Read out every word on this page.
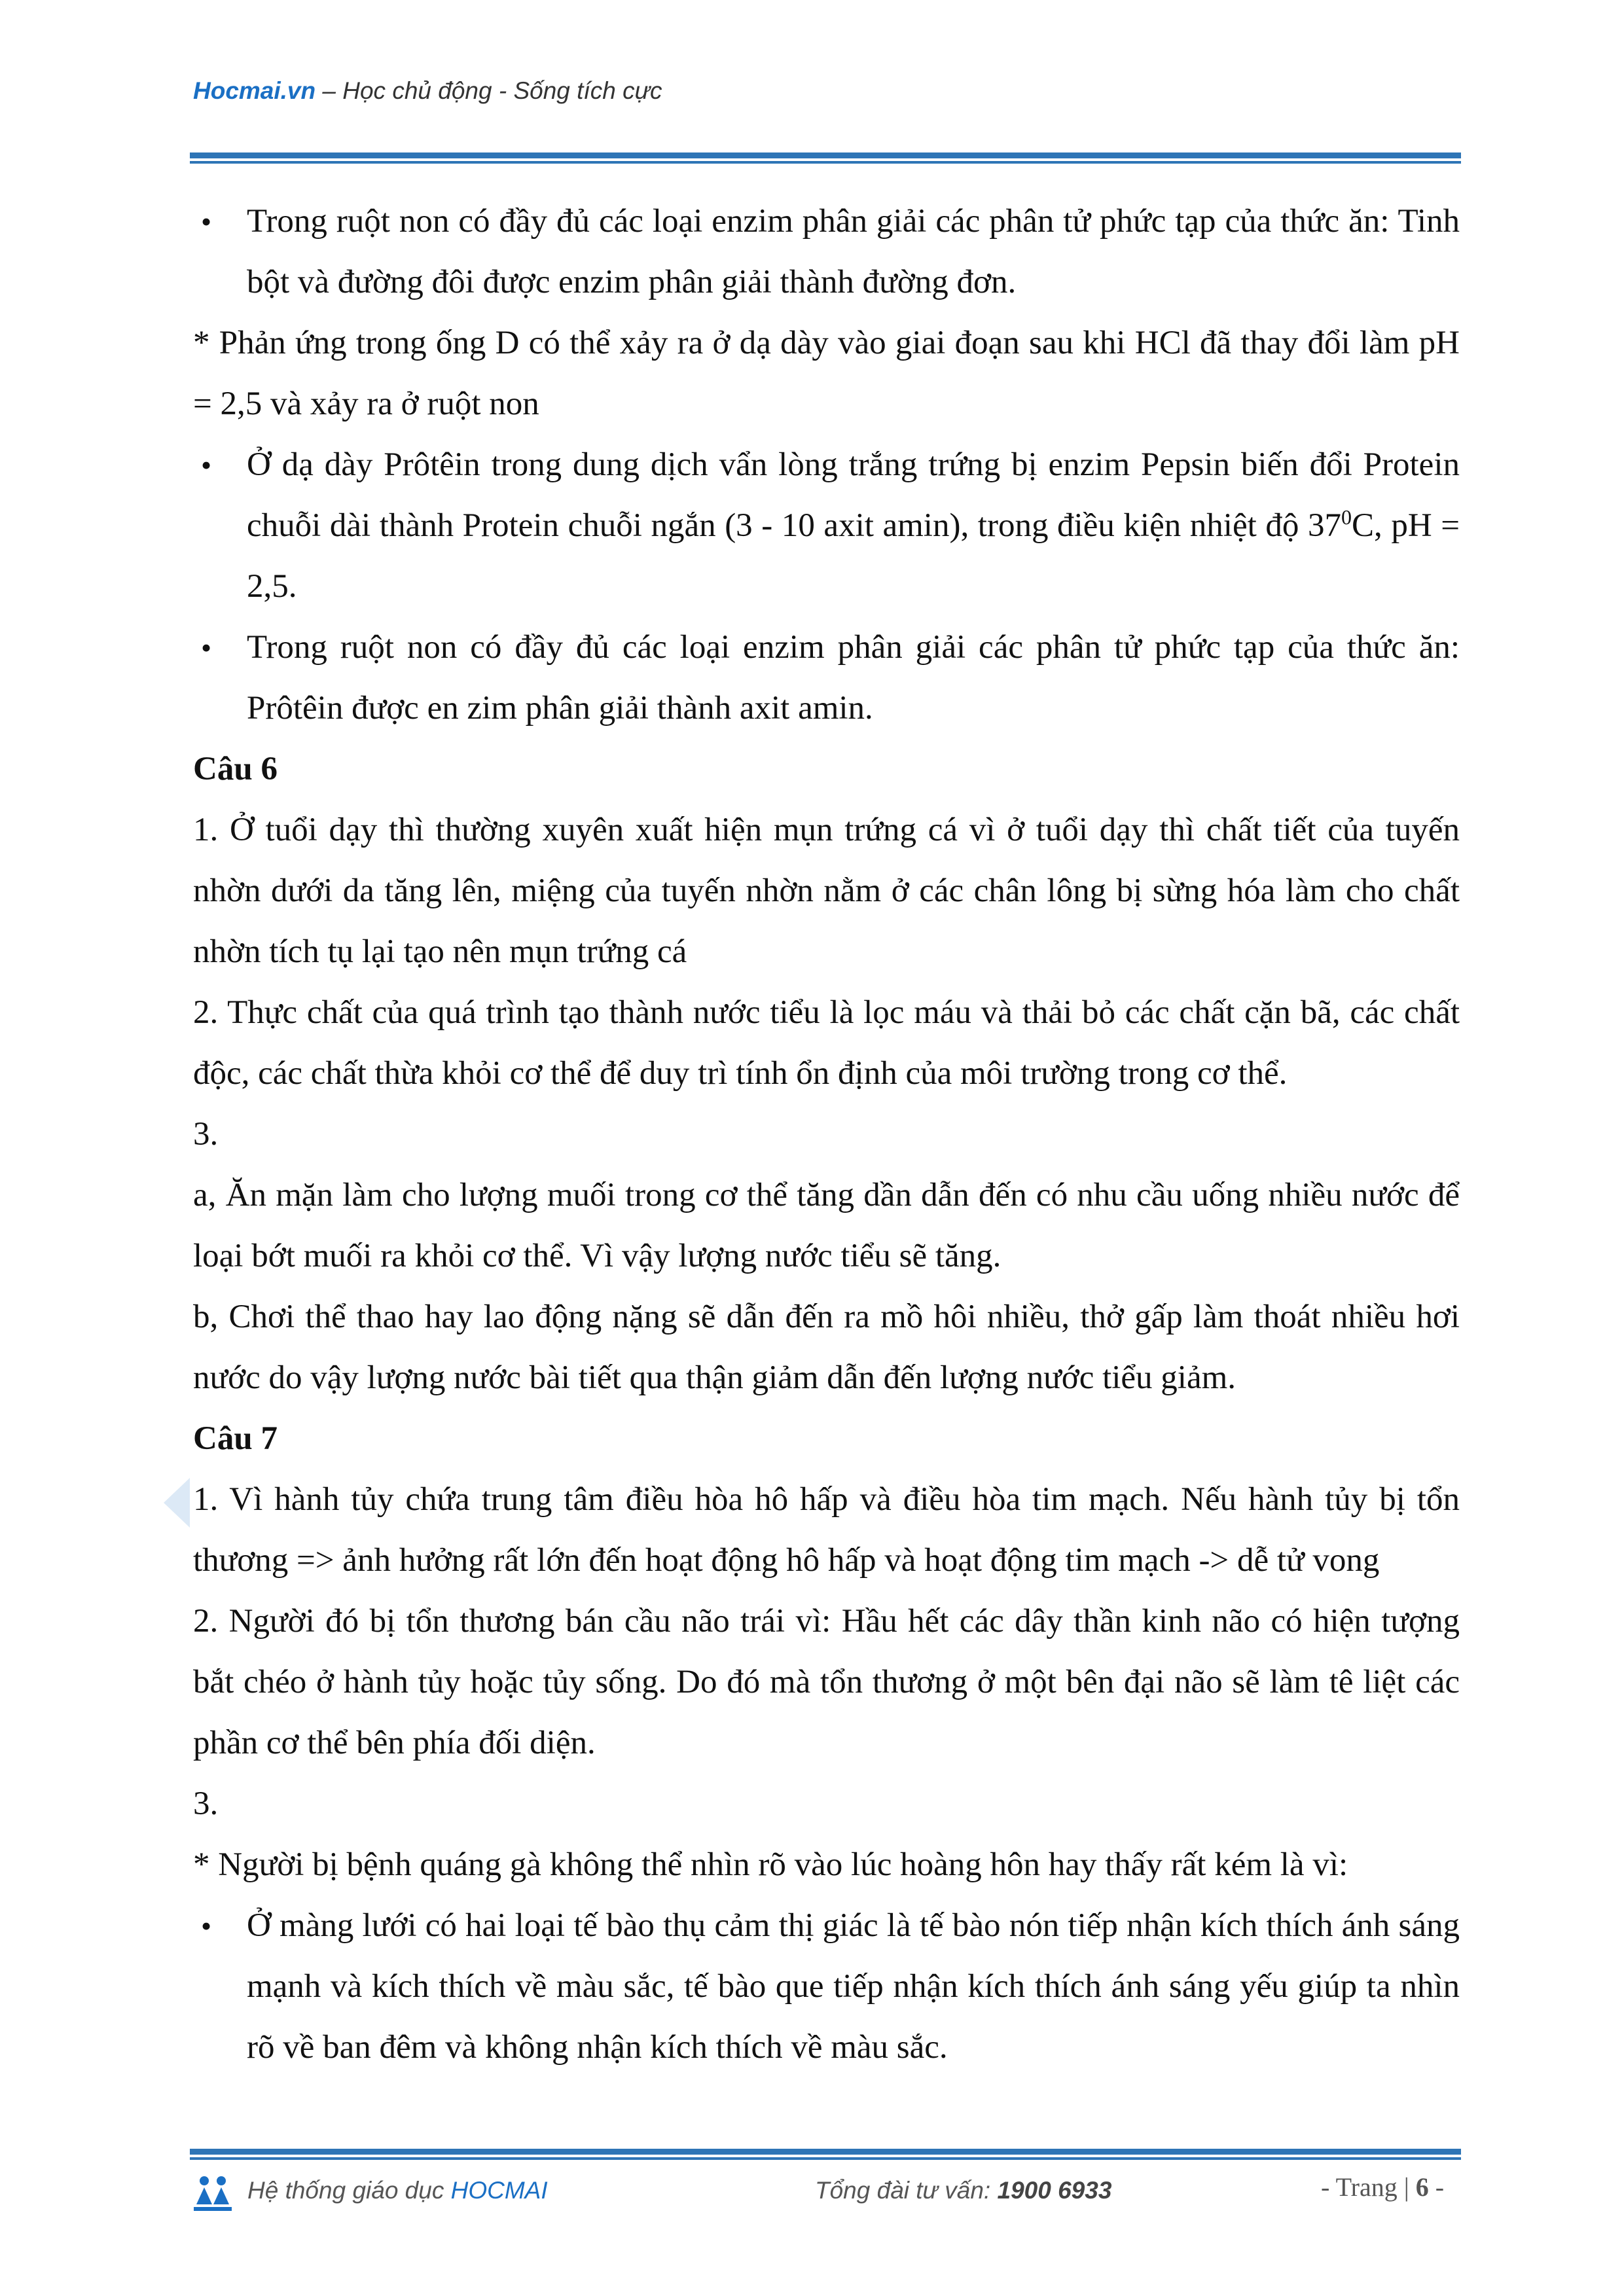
Hocmai.vn – Học chủ động - Sống tích cực

• Trong ruột non có đầy đủ các loại enzim phân giải các phân tử phức tạp của thức ăn: Tinh bột và đường đôi được enzim phân giải thành đường đơn.

* Phản ứng trong ống D có thể xảy ra ở dạ dày vào giai đoạn sau khi HCl đã thay đổi làm pH = 2,5 và xảy ra ở ruột non

• Ở dạ dày Prôtêin trong dung dịch vẩn lòng trắng trứng bị enzim Pepsin biến đổi Protein chuỗi dài thành Protein chuỗi ngắn (3 - 10 axit amin), trong điều kiện nhiệt độ $37^0C$, pH = 2,5.

• Trong ruột non có đầy đủ các loại enzim phân giải các phân tử phức tạp của thức ăn: Prôtêin được en zim phân giải thành axit amin.

Câu 6

1. Ở tuổi dạy thì thường xuyên xuất hiện mụn trứng cá vì ở tuổi dạy thì chất tiết của tuyến nhờn dưới da tăng lên, miệng của tuyến nhờn nằm ở các chân lông bị sừng hóa làm cho chất nhờn tích tụ lại tạo nên mụn trứng cá

2. Thực chất của quá trình tạo thành nước tiểu là lọc máu và thải bỏ các chất cặn bã, các chất độc, các chất thừa khỏi cơ thể để duy trì tính ổn định của môi trường trong cơ thể.

3.

a, Ăn mặn làm cho lượng muối trong cơ thể tăng dần dẫn đến có nhu cầu uống nhiều nước để loại bớt muối ra khỏi cơ thể. Vì vậy lượng nước tiểu sẽ tăng.

b, Chơi thể thao hay lao động nặng sẽ dẫn đến ra mồ hôi nhiều, thở gấp làm thoát nhiều hơi nước do vậy lượng nước bài tiết qua thận giảm dẫn đến lượng nước tiểu giảm.

Câu 7

1. Vì hành tủy chứa trung tâm điều hòa hô hấp và điều hòa tim mạch. Nếu hành tủy bị tổn thương => ảnh hưởng rất lớn đến hoạt động hô hấp và hoạt động tim mạch -> dễ tử vong

2. Người đó bị tổn thương bán cầu não trái vì: Hầu hết các dây thần kinh não có hiện tượng bắt chéo ở hành tủy hoặc tủy sống. Do đó mà tổn thương ở một bên đại não sẽ làm tê liệt các phần cơ thể bên phía đối diện.

3.

* Người bị bệnh quáng gà không thể nhìn rõ vào lúc hoàng hôn hay thấy rất kém là vì:

• Ở màng lưới có hai loại tế bào thụ cảm thị giác là tế bào nón tiếp nhận kích thích ánh sáng mạnh và kích thích về màu sắc, tế bào que tiếp nhận kích thích ánh sáng yếu giúp ta nhìn rõ về ban đêm và không nhận kích thích về màu sắc.

Hệ thống giáo dục HOCMAI	Tổng đài tư vấn: 1900 6933	- Trang | 6 -
